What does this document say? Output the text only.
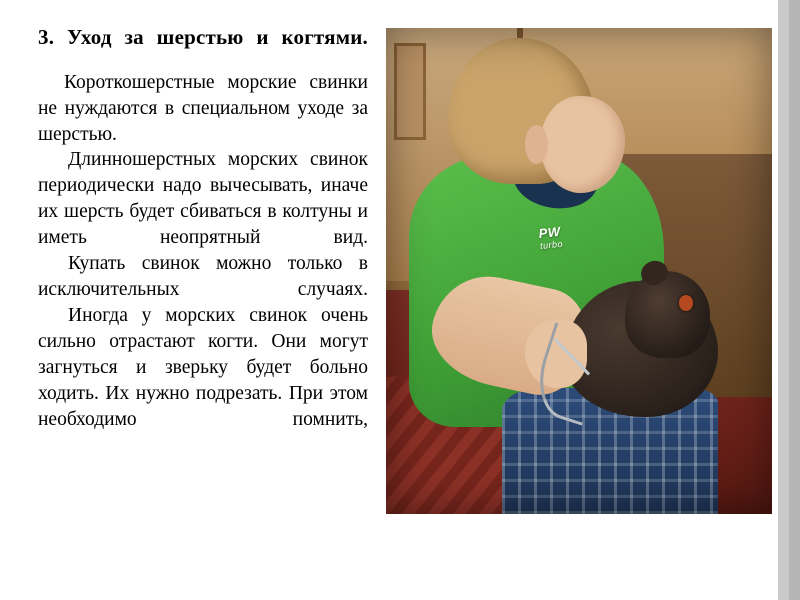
3. Уход за шерстью и когтями.

Короткошерстные морские свинки не нуждаются в специальном уходе за шерстью.

Длинношерстных морских свинок периодически надо вычесывать, иначе их шерсть будет сбиваться в колтуны и иметь неопрятный вид.

Купать свинок можно только в исключительных случаях.

Иногда у морских свинок очень сильно отрастают когти. Они могут загнуться и зверьку будет больно ходить. Их нужно подрезать. При этом необходимо помнить,

PW
turbo
